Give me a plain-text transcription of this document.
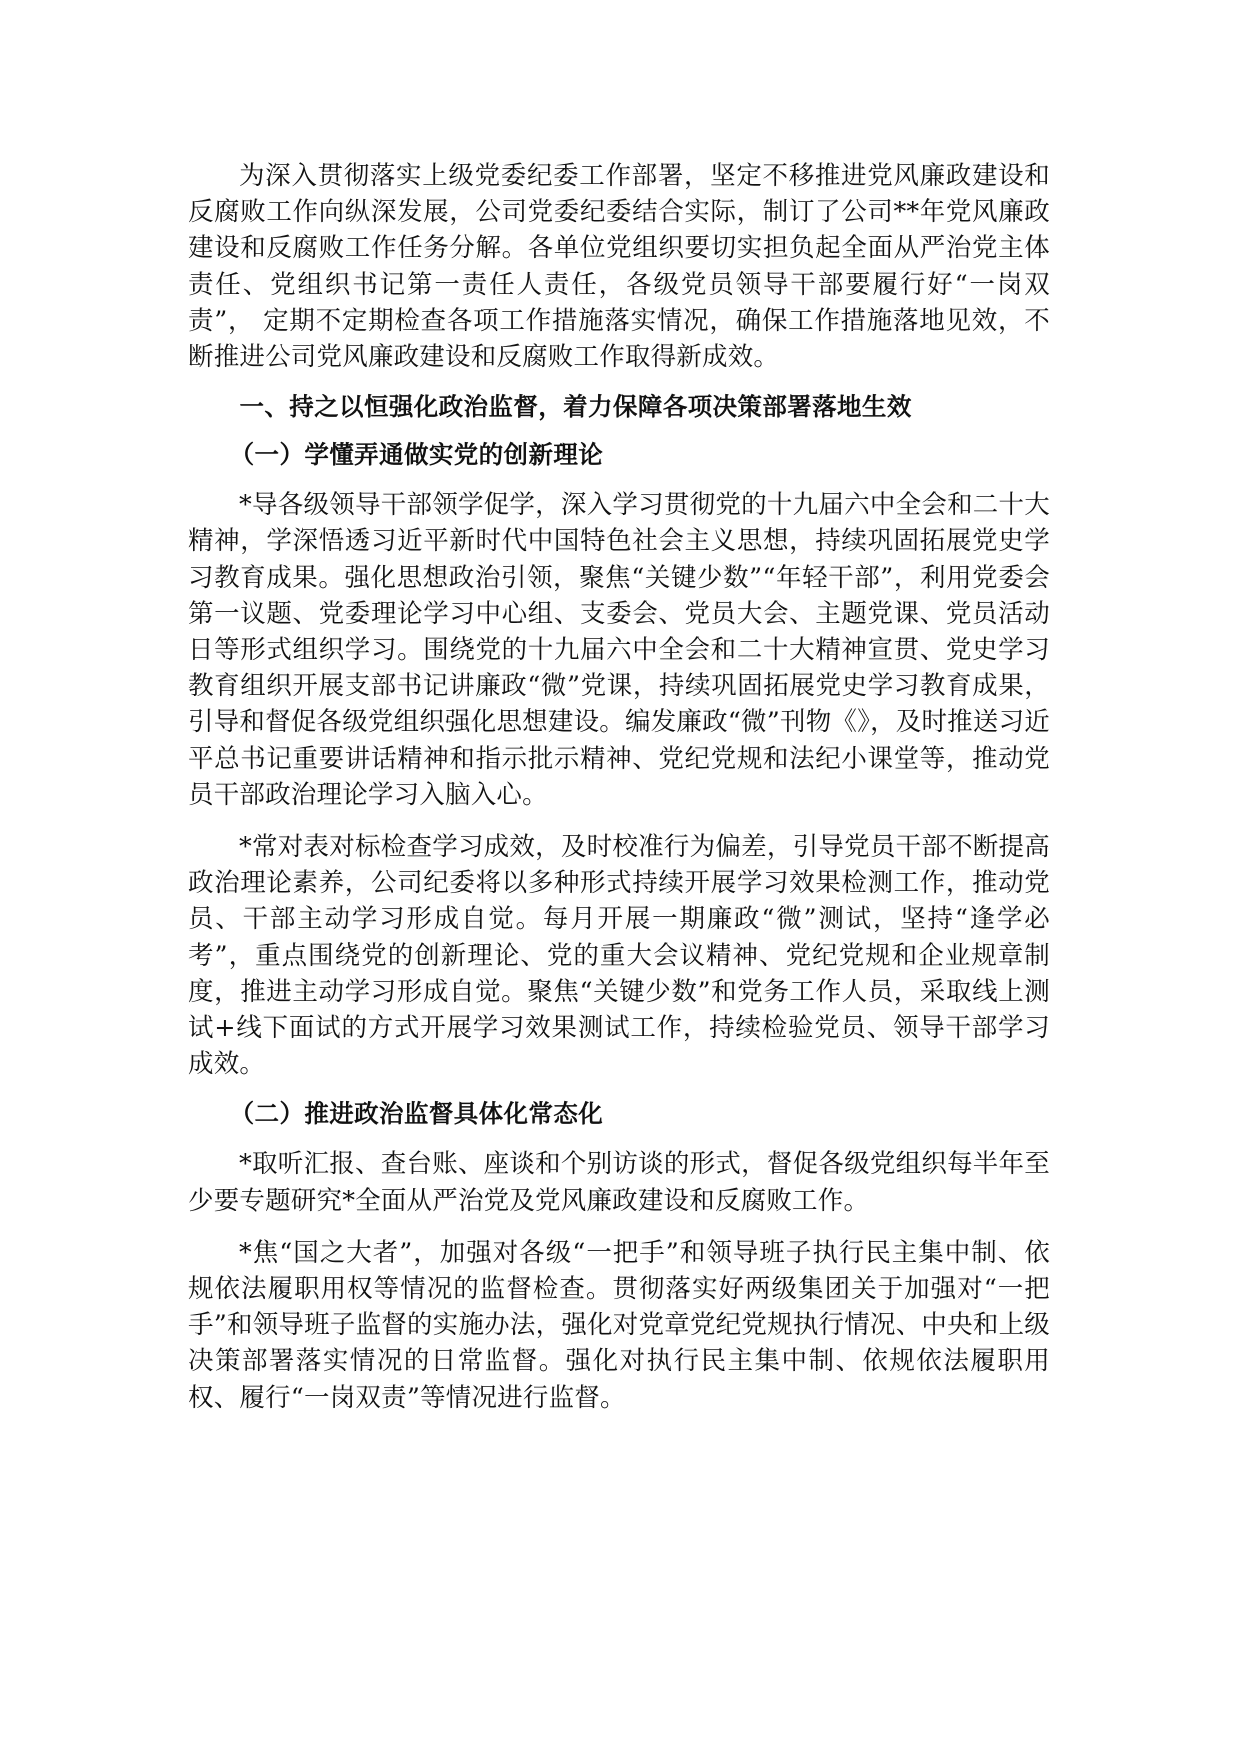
为深入贯彻落实上级党委纪委工作部署，坚定不移推进党风廉政建设和反腐败工作向纵深发展，公司党委纪委结合实际，制订了公司**年党风廉政建设和反腐败工作任务分解。各单位党组织要切实担负起全面从严治党主体责任、党组织书记第一责任人责任，各级党员领导干部要履行好“一岗双责”， 定期不定期检查各项工作措施落实情况，确保工作措施落地见效，不断推进公司党风廉政建设和反腐败工作取得新成效。

一、持之以恒强化政治监督，着力保障各项决策部署落地生效
（一）学懂弄通做实党的创新理论

*导各级领导干部领学促学，深入学习贯彻党的十九届六中全会和二十大精神，学深悟透习近平新时代中国特色社会主义思想，持续巩固拓展党史学习教育成果。强化思想政治引领，聚焦“关键少数”“年轻干部”，利用党委会第一议题、党委理论学习中心组、支委会、党员大会、主题党课、党员活动日等形式组织学习。围绕党的十九届六中全会和二十大精神宣贯、党史学习教育组织开展支部书记讲廉政“微”党课，持续巩固拓展党史学习教育成果，引导和督促各级党组织强化思想建设。编发廉政“微”刊物《》，及时推送习近平总书记重要讲话精神和指示批示精神、党纪党规和法纪小课堂等，推动党员干部政治理论学习入脑入心。

*常对表对标检查学习成效，及时校准行为偏差，引导党员干部不断提高政治理论素养，公司纪委将以多种形式持续开展学习效果检测工作，推动党员、干部主动学习形成自觉。每月开展一期廉政“微”测试，坚持“逢学必考”，重点围绕党的创新理论、党的重大会议精神、党纪党规和企业规章制度，推进主动学习形成自觉。聚焦“关键少数”和党务工作人员，采取线上测试+线下面试的方式开展学习效果测试工作，持续检验党员、领导干部学习成效。

（二）推进政治监督具体化常态化

*取听汇报、查台账、座谈和个别访谈的形式，督促各级党组织每半年至少要专题研究*全面从严治党及党风廉政建设和反腐败工作。

*焦“国之大者”，加强对各级“一把手”和领导班子执行民主集中制、依规依法履职用权等情况的监督检查。贯彻落实好两级集团关于加强对“一把手”和领导班子监督的实施办法，强化对党章党纪党规执行情况、中央和上级决策部署落实情况的日常监督。强化对执行民主集中制、依规依法履职用权、履行“一岗双责”等情况进行监督。
